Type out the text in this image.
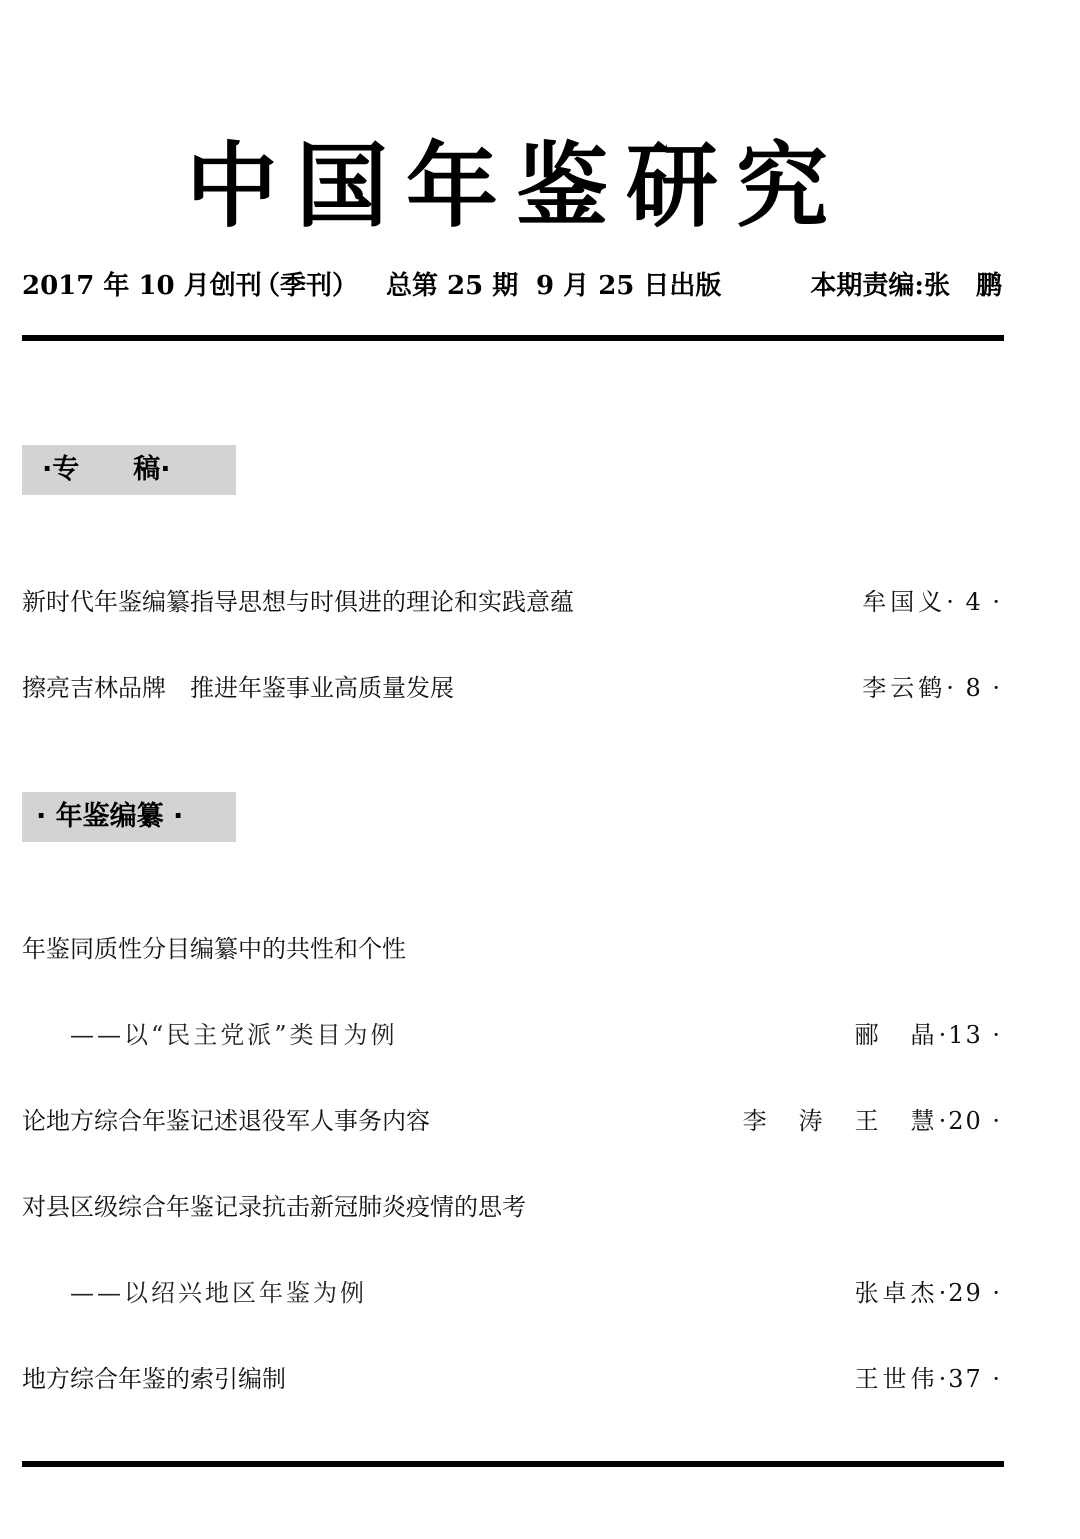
中国年鉴研究
2017 年 10 月创刊
（季刊） 总第 25 期 9 月 25 日出版	本期责编:张　鹏
·专　　稿·
新时代年鉴编纂指导思想与时俱进的理论和实践意蕴	牟国义· 4 ·
擦亮吉林品牌　推进年鉴事业高质量发展	李云鹤· 8 ·
· 年鉴编纂 ·
年鉴同质性分目编纂中的共性和个性
——以“民主党派”类目为例	郦　晶·13 ·
论地方综合年鉴记述退役军人事务内容	李　涛　王　慧·20 ·
对县区级综合年鉴记录抗击新冠肺炎疫情的思考
——以绍兴地区年鉴为例	张卓杰·29 ·
地方综合年鉴的索引编制	王世伟·37 ·
